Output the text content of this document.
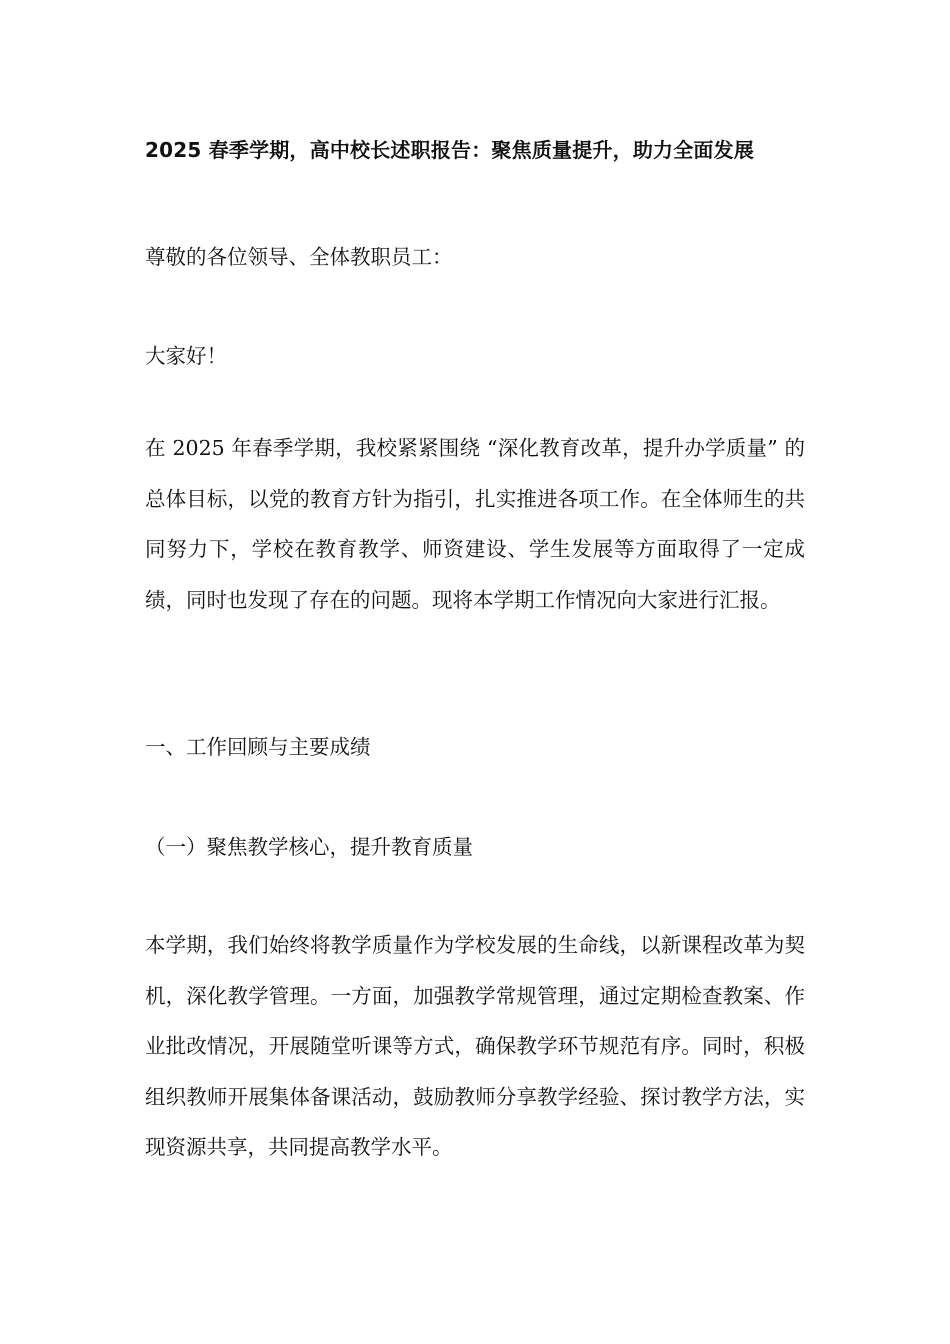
2025 春季学期，高中校长述职报告：聚焦质量提升，助力全面发展

尊敬的各位领导、全体教职员工：

大家好！

在 2025 年春季学期，我校紧紧围绕 “深化教育改革，提升办学质量” 的总体目标，以党的教育方针为指引，扎实推进各项工作。在全体师生的共同努力下，学校在教育教学、师资建设、学生发展等方面取得了一定成绩，同时也发现了存在的问题。现将本学期工作情况向大家进行汇报。

一、工作回顾与主要成绩

（一）聚焦教学核心，提升教育质量

本学期，我们始终将教学质量作为学校发展的生命线，以新课程改革为契机，深化教学管理。一方面，加强教学常规管理，通过定期检查教案、作业批改情况，开展随堂听课等方式，确保教学环节规范有序。同时，积极组织教师开展集体备课活动，鼓励教师分享教学经验、探讨教学方法，实现资源共享，共同提高教学水平。
